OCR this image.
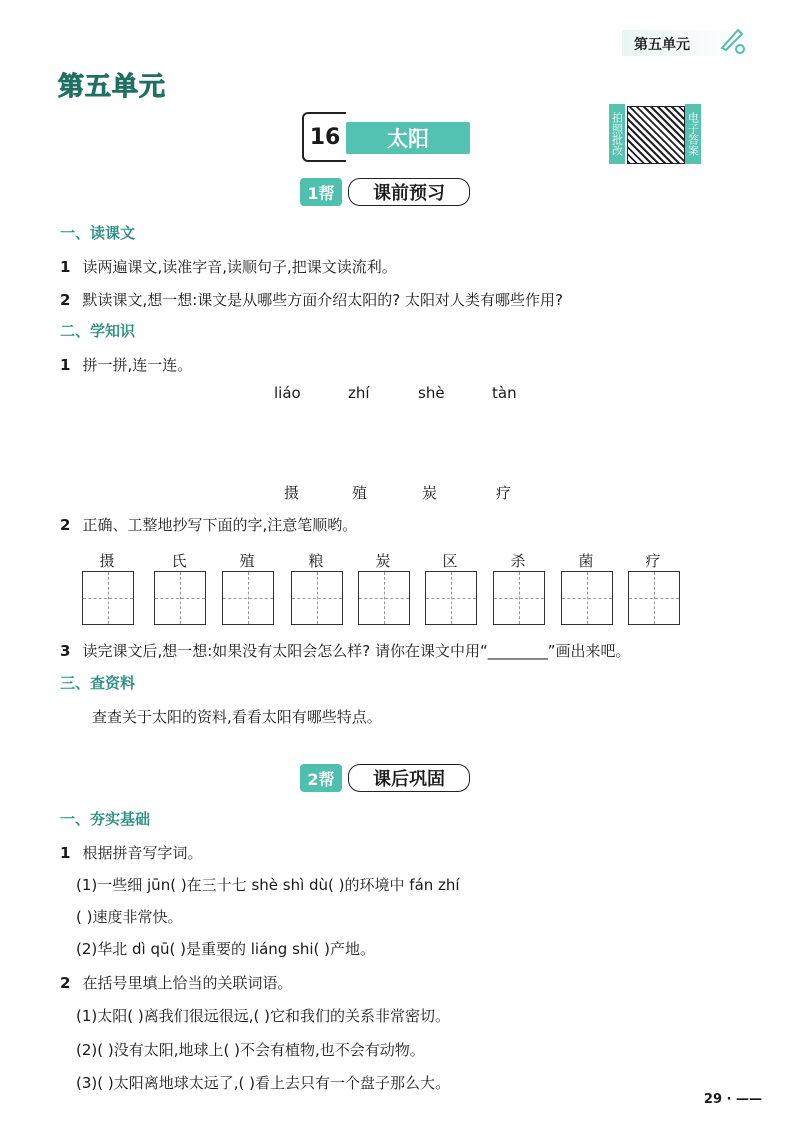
第五单元
第五单元
16	太阳	拍照批改	电子答案
1帮	课前预习
一、读课文
1 读两遍课文,读准字音,读顺句子,把课文读流利。
2 默读课文,想一想:课文是从哪些方面介绍太阳的? 太阳对人类有哪些作用?
二、学知识
1 拼一拼,连一连。
liáo	zhí	shè	tàn
摄	殖	炭	疗
2 正确、工整地抄写下面的字,注意笔顺哟。
摄	氏	殖	粮	炭	区	杀	菌	疗
3 读完课文后,想一想:如果没有太阳会怎么样? 请你在课文中用“________”画出来吧。
三、查资料
查查关于太阳的资料,看看太阳有哪些特点。
2帮	课后巩固
一、夯实基础
1 根据拼音写字词。
(1)一些细 jūn( )在三十七 shè shì dù( )的环境中 fán zhí
( )速度非常快。
(2)华北 dì qū( )是重要的 liáng shi( )产地。
2 在括号里填上恰当的关联词语。
(1)太阳( )离我们很远很远,( )它和我们的关系非常密切。
(2)( )没有太阳,地球上( )不会有植物,也不会有动物。
(3)( )太阳离地球太远了,( )看上去只有一个盘子那么大。
29 · ——
